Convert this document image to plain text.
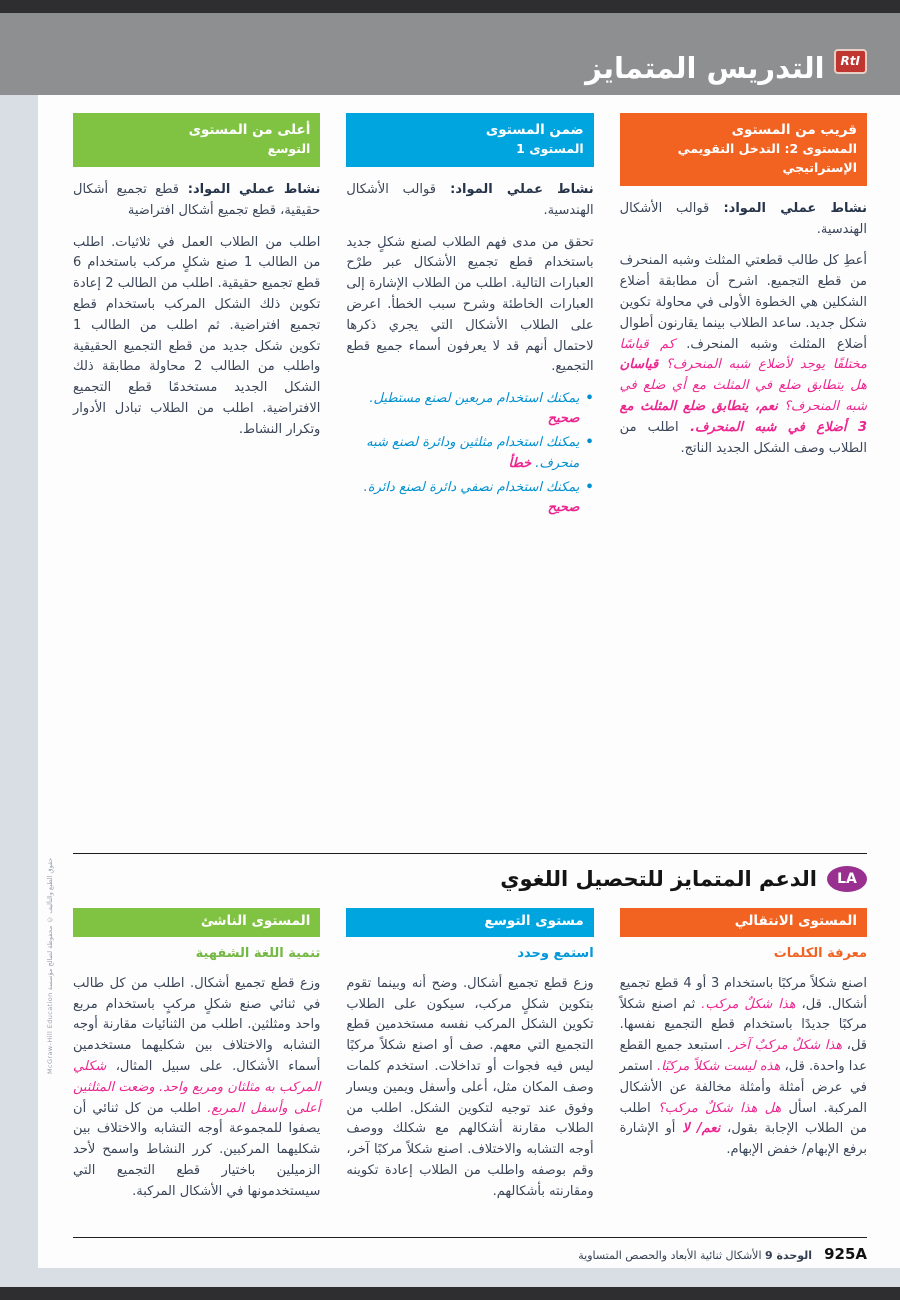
RtI
التدريس المتمايز
قريب من المستوى
المستوى 2: التدخل التقويمي الإستراتيجي

نشاط عملي المواد: قوالب الأشكال الهندسية.

أعطِ كل طالب قطعتي المثلث وشبه المنحرف من قطع التجميع. اشرح أن مطابقة أضلاع الشكلين هي الخطوة الأولى في محاولة تكوين شكل جديد. ساعد الطلاب بينما يقارنون أطوال أضلاع المثلث وشبه المنحرف. كم قياسًا مختلفًا يوجد لأضلاع شبه المنحرف؟ قياسان هل يتطابق ضلع في المثلث مع أي ضلع في شبه المنحرف؟ نعم، يتطابق ضلع المثلث مع 3 أضلاع في شبه المنحرف. اطلب من الطلاب وصف الشكل الجديد الناتج.

ضمن المستوى
المستوى 1

نشاط عملي المواد: قوالب الأشكال الهندسية.

تحقق من مدى فهم الطلاب لصنع شكلٍ جديد باستخدام قطع تجميع الأشكال عبر طرْح العبارات التالية. اطلب من الطلاب الإشارة إلى العبارات الخاطئة وشرح سبب الخطأ. اعرض على الطلاب الأشكال التي يجري ذكرها لاحتمال أنهم قد لا يعرفون أسماء جميع قطع التجميع.

•
يمكنك استخدام مربعين لصنع مستطيل. صحيح
•
يمكنك استخدام مثلثين ودائرة لصنع شبه منحرف. خطأ
•
يمكنك استخدام نصفي دائرة لصنع دائرة. صحيح
أعلى من المستوى
التوسع

نشاط عملي المواد: قطع تجميع أشكال حقيقية، قطع تجميع أشكال افتراضية

اطلب من الطلاب العمل في ثلاثيات. اطلب من الطالب 1 صنع شكلٍ مركب باستخدام 6 قطع تجميع حقيقية. اطلب من الطالب 2 إعادة تكوين ذلك الشكل المركب باستخدام قطع تجميع افتراضية. ثم اطلب من الطالب 1 تكوين شكل جديد من قطع التجميع الحقيقية واطلب من الطالب 2 محاولة مطابقة ذلك الشكل الجديد مستخدمًا قطع التجميع الافتراضية. اطلب من الطلاب تبادل الأدوار وتكرار النشاط.

LA
الدعم المتمايز للتحصيل اللغوي
المستوى الانتقالي
معرفة الكلمات

اصنع شكلاً مركبًا باستخدام 3 أو 4 قطع تجميع أشكال. قل، هذا شكلٌ مركب. ثم اصنع شكلاً مركبًا جديدًا باستخدام قطع التجميع نفسها. قل، هذا شكلٌ مركبٌ آخر. استبعد جميع القطع عدا واحدة. قل، هذه ليست شكلاً مركبًا. استمر في عرض أمثلة وأمثلة مخالفة عن الأشكال المركبة. اسأل هل هذا شكلٌ مركب؟ اطلب من الطلاب الإجابة بقول، نعم/ لا أو الإشارة برفع الإبهام/ خفض الإبهام.

مستوى التوسع
استمع وحدد

وزع قطع تجميع أشكال. وضح أنه وبينما تقوم بتكوين شكلٍ مركب، سيكون على الطلاب تكوين الشكل المركب نفسه مستخدمين قطع التجميع التي معهم. صف أو اصنع شكلاً مركبًا ليس فيه فجوات أو تداخلات. استخدم كلمات وصف المكان مثل، أعلى وأسفل ويمين ويسار وفوق عند توجيه لتكوين الشكل. اطلب من الطلاب مقارنة أشكالهم مع شكلك ووصف أوجه التشابه والاختلاف. اصنع شكلاً مركبًا آخر، وقم بوصفه واطلب من الطلاب إعادة تكوينه ومقارنته بأشكالهم.

المستوى الناشئ
تنمية اللغة الشفهية

وزع قطع تجميع أشكال. اطلب من كل طالب في ثنائي صنع شكلٍ مركبٍ باستخدام مربع واحد ومثلثين. اطلب من الثنائيات مقارنة أوجه التشابه والاختلاف بين شكليهما مستخدمين أسماء الأشكال. على سبيل المثال، شكلي المركب به مثلثان ومربع واحد. وضعت المثلثين أعلى وأسفل المربع. اطلب من كل ثنائي أن يصفوا للمجموعة أوجه التشابه والاختلاف بين شكليهما المركبين. كرر النشاط واسمح لأحد الزميلين باختيار قطع التجميع التي سيستخدمونها في الأشكال المركبة.

حقوق الطبع والتأليف © محفوظة لصالح مؤسسة McGraw-Hill Education
925A
الوحدة 9 الأشكال ثنائية الأبعاد والحصص المتساوية
